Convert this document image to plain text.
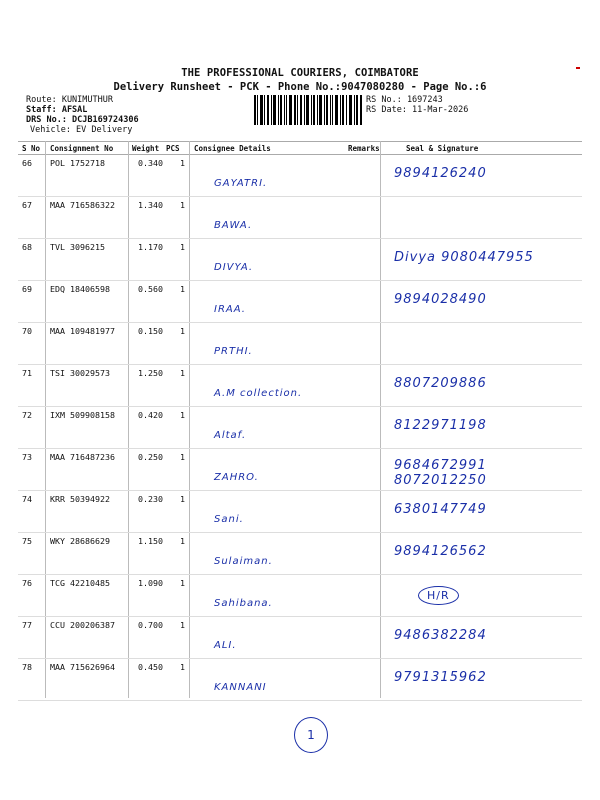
THE PROFESSIONAL COURIERS, COIMBATORE
Delivery Runsheet - PCK - Phone No.:9047080280 - Page No.:6
Route: KUNIMUTHUR
Staff: AFSAL
DRS No.: DCJB169724306
Vehicle: EV Delivery
RS No.: 1697243
RS Date: 11-Mar-2026
S No Consignment No	Weight PCS Consignee Details	Remarks	Seal & Signature
66 POL 1752718	0.340 1
GAYATRI.
9894126240
67 MAA 716586322	1.340 1
BAWA.
68 TVL 3096215	1.170 1
DIVYA.
Divya 9080447955
69 EDQ 18406598	0.560 1
IRAA.
9894028490
70 MAA 109481977	0.150 1
PRTHI.
71 TSI 30029573	1.250 1
A.M collection.
8807209886
72 IXM 509908158	0.420 1
Altaf.
8122971198
73 MAA 716487236	0.250 1
ZAHRO.
9684672991 8072012250
74 KRR 50394922	0.230 1
Sani.
6380147749
75 WKY 28686629	1.150 1
Sulaiman.
9894126562
76 TCG 42210485	1.090 1
Sahibana.
H/R
77 CCU 200206387	0.700 1
ALI.
9486382284
78 MAA 715626964	0.450 1
KANNANI
9791315962
1
